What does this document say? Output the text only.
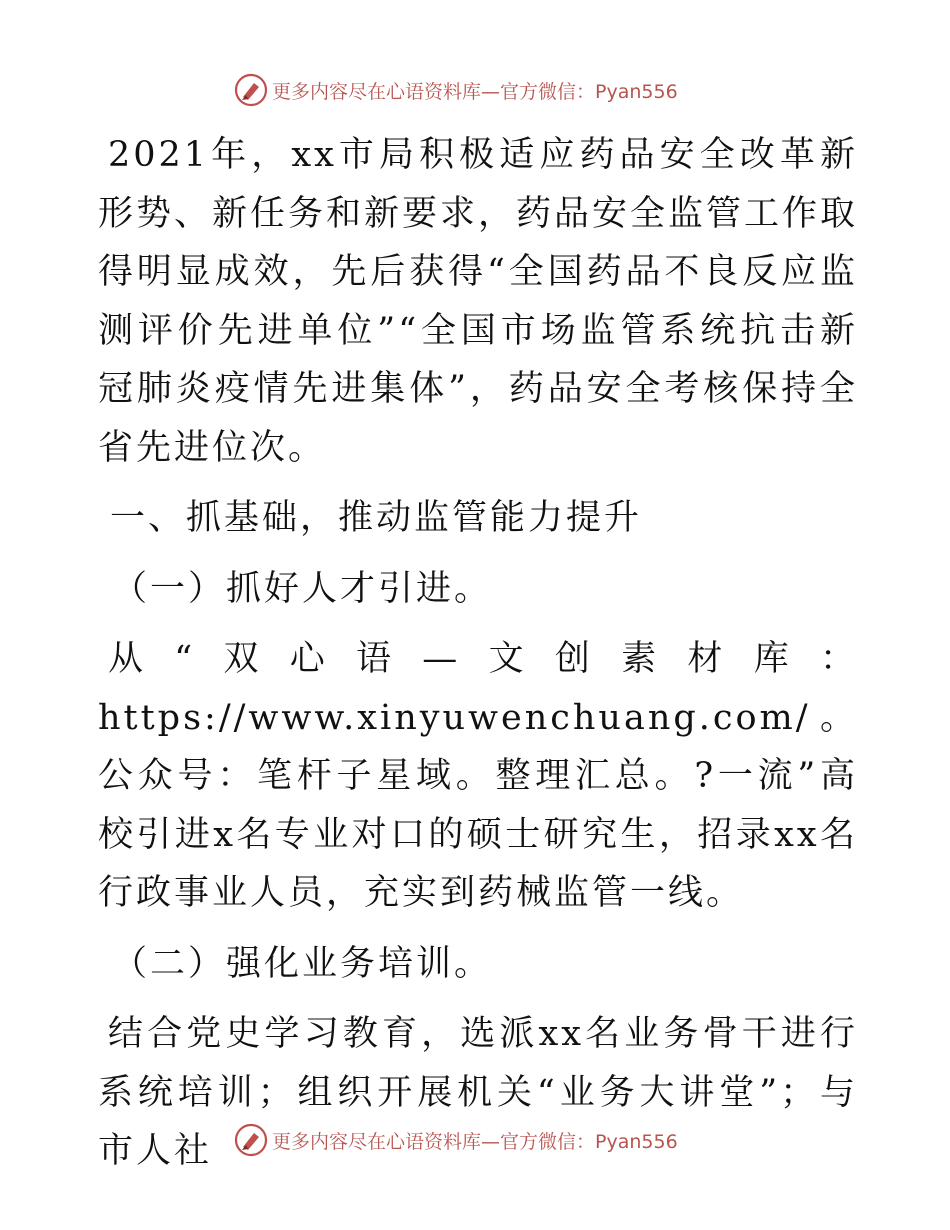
更多内容尽在心语资料库—官方微信：Pyan556

2021年，xx市局积极适应药品安全改革新形势、新任务和新要求，药品安全监管工作取得明显成效，先后获得“全国药品不良反应监测评价先进单位”“全国市场监管系统抗击新冠肺炎疫情先进集体”，药品安全考核保持全省先进位次。

一、抓基础，推动监管能力提升

（一）抓好人才引进。

从“双心语—文创素材库：https://www.xinyuwenchuang.com/。公众号：笔杆子星域。整理汇总。?一流”高校引进x名专业对口的硕士研究生，招录xx名行政事业人员，充实到药械监管一线。

（二）强化业务培训。

结合党史学习教育，选派xx名业务骨干进行系统培训；组织开展机关“业务大讲堂”；与市人社	更多内容尽在心语资料库—官方微信：Pyan556
